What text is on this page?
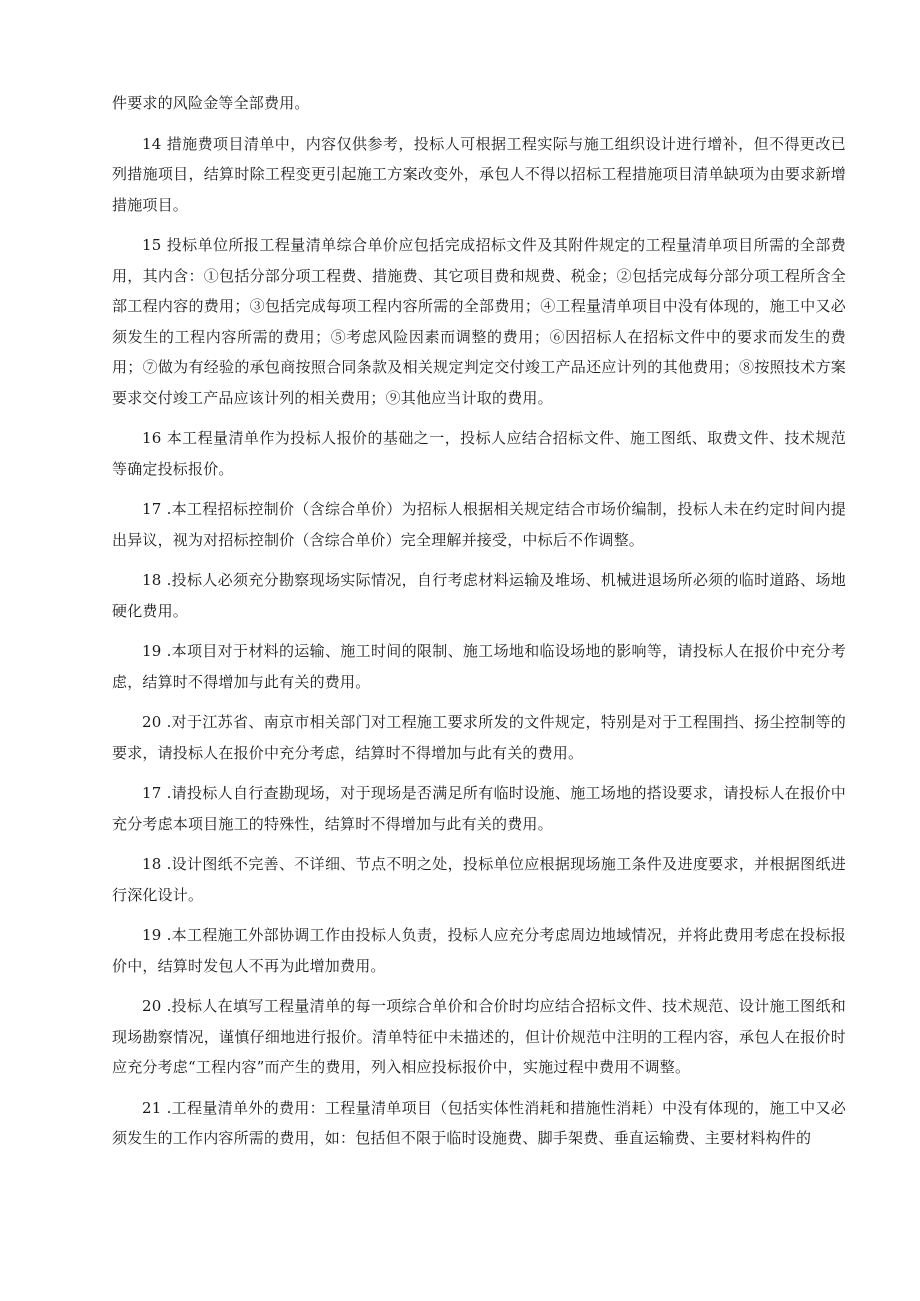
件要求的风险金等全部费用。

14 措施费项目清单中，内容仅供参考，投标人可根据工程实际与施工组织设计进行增补，但不得更改已列措施项目，结算时除工程变更引起施工方案改变外，承包人不得以招标工程措施项目清单缺项为由要求新增措施项目。

15 投标单位所报工程量清单综合单价应包括完成招标文件及其附件规定的工程量清单项目所需的全部费用，其内含：①包括分部分项工程费、措施费、其它项目费和规费、税金；②包括完成每分部分项工程所含全部工程内容的费用；③包括完成每项工程内容所需的全部费用；④工程量清单项目中没有体现的，施工中又必须发生的工程内容所需的费用；⑤考虑风险因素而调整的费用；⑥因招标人在招标文件中的要求而发生的费用；⑦做为有经验的承包商按照合同条款及相关规定判定交付竣工产品还应计列的其他费用；⑧按照技术方案要求交付竣工产品应该计列的相关费用；⑨其他应当计取的费用。

16 本工程量清单作为投标人报价的基础之一，投标人应结合招标文件、施工图纸、取费文件、技术规范等确定投标报价。

17 .本工程招标控制价（含综合单价）为招标人根据相关规定结合市场价编制，投标人未在约定时间内提出异议，视为对招标控制价（含综合单价）完全理解并接受，中标后不作调整。

18 .投标人必须充分勘察现场实际情况，自行考虑材料运输及堆场、机械进退场所必须的临时道路、场地硬化费用。

19 .本项目对于材料的运输、施工时间的限制、施工场地和临设场地的影响等，请投标人在报价中充分考虑，结算时不得增加与此有关的费用。

20 .对于江苏省、南京市相关部门对工程施工要求所发的文件规定，特别是对于工程围挡、扬尘控制等的要求，请投标人在报价中充分考虑，结算时不得增加与此有关的费用。

17 .请投标人自行查勘现场，对于现场是否满足所有临时设施、施工场地的搭设要求，请投标人在报价中充分考虑本项目施工的特殊性，结算时不得增加与此有关的费用。

18 .设计图纸不完善、不详细、节点不明之处，投标单位应根据现场施工条件及进度要求，并根据图纸进行深化设计。

19 .本工程施工外部协调工作由投标人负责，投标人应充分考虑周边地域情况，并将此费用考虑在投标报价中，结算时发包人不再为此增加费用。

20 .投标人在填写工程量清单的每一项综合单价和合价时均应结合招标文件、技术规范、设计施工图纸和现场勘察情况，谨慎仔细地进行报价。清单特征中未描述的，但计价规范中注明的工程内容，承包人在报价时应充分考虑“工程内容”而产生的费用，列入相应投标报价中，实施过程中费用不调整。

21 .工程量清单外的费用：工程量清单项目（包括实体性消耗和措施性消耗）中没有体现的，施工中又必须发生的工作内容所需的费用，如：包括但不限于临时设施费、脚手架费、垂直运输费、主要材料构件的
